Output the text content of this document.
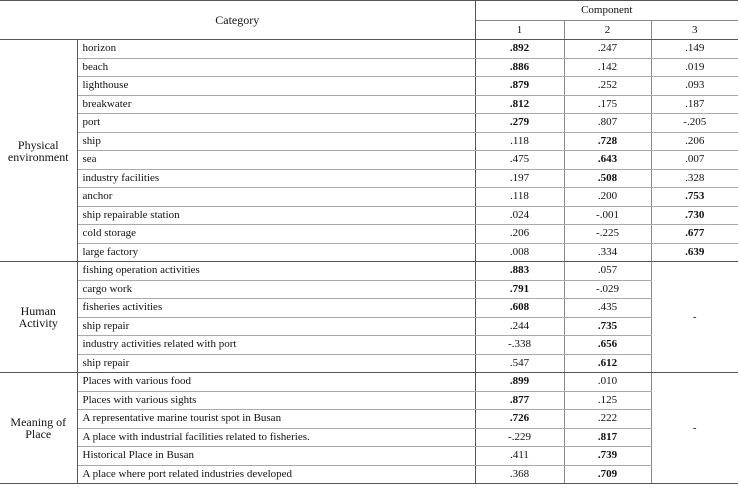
Category		Component		
		1	2	3

Physical
environment	horizon	.892	.247	.149
	beach	.886	.142	.019
	lighthouse	.879	.252	.093
	breakwater	.812	.175	.187
	port	.279	.807	-.205
	ship	.118	.728	.206
	sea	.475	.643	.007
	industry facilities	.197	.508	.328
	anchor	.118	.200	.753
	ship repairable station	.024	-.001	.730
	cold storage	.206	-.225	.677
	large factory	.008	.334	.639

Human
Activity	fishing operation activities	.883	.057	-
	cargo work	.791	-.029	
	fisheries activities	.608	.435	
	ship repair	.244	.735	
	industry activities related with port	-.338	.656	
	ship repair	.547	.612	

Meaning of
Place	Places with various food	.899	.010	-
	Places with various sights	.877	.125	
	A representative marine tourist spot in Busan	.726	.222	
	A place with industrial facilities related to fisheries.	-.229	.817	
	Historical Place in Busan	.411	.739	
	A place where port related industries developed	.368	.709	
